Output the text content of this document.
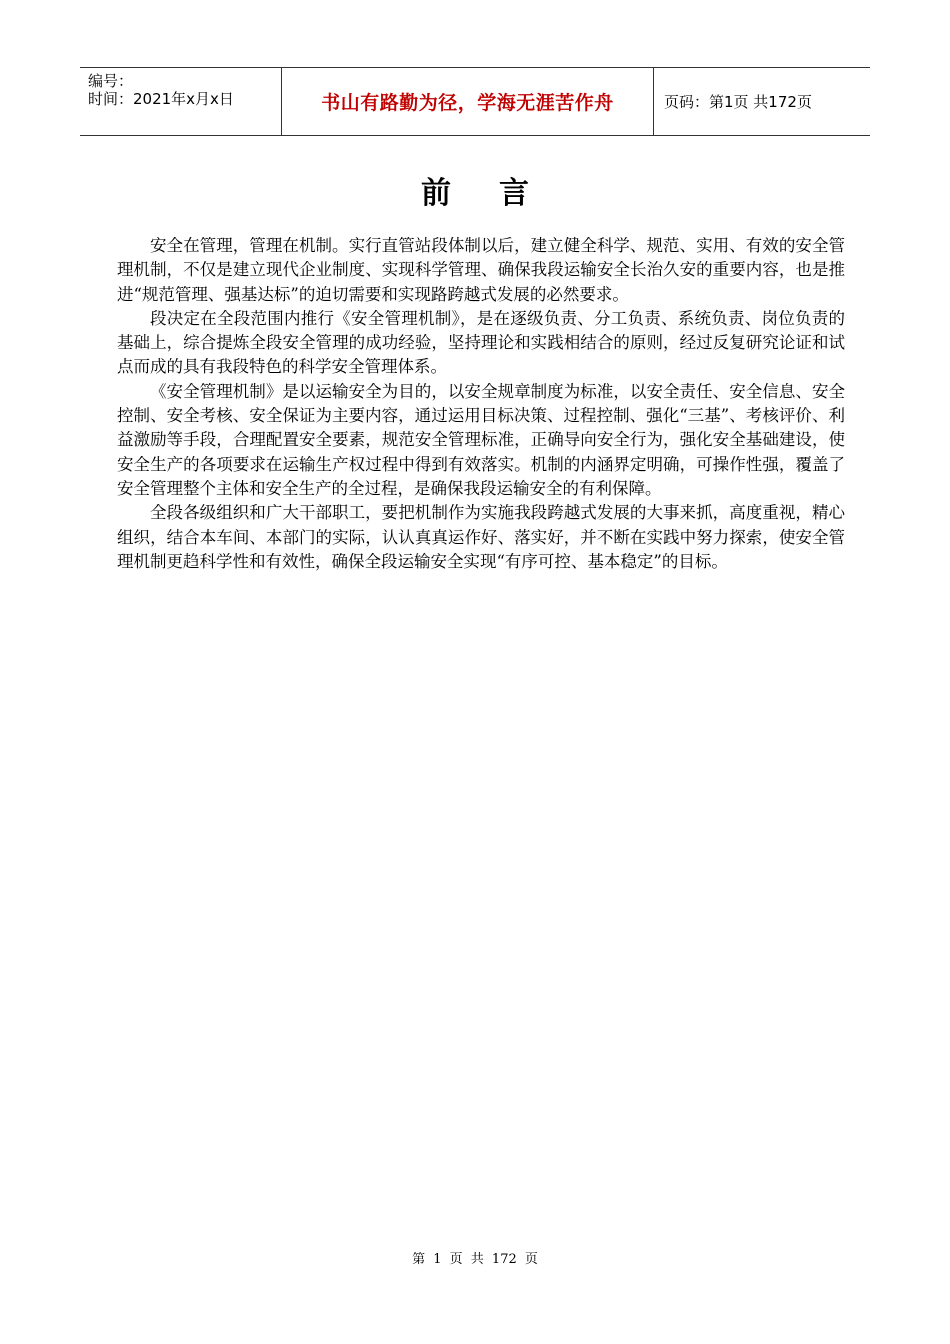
编号：
时间：2021年x月x日	书山有路勤为径，学海无涯苦作舟	页码：第1页 共172页
前言

安全在管理，管理在机制。实行直管站段体制以后，建立健全科学、规范、实用、有效的安全管理机制，不仅是建立现代企业制度、实现科学管理、确保我段运输安全长治久安的重要内容，也是推进“规范管理、强基达标”的迫切需要和实现路跨越式发展的必然要求。

段决定在全段范围内推行《安全管理机制》，是在逐级负责、分工负责、系统负责、岗位负责的基础上，综合提炼全段安全管理的成功经验，坚持理论和实践相结合的原则，经过反复研究论证和试点而成的具有我段特色的科学安全管理体系。

《安全管理机制》是以运输安全为目的，以安全规章制度为标准，以安全责任、安全信息、安全控制、安全考核、安全保证为主要内容，通过运用目标决策、过程控制、强化“三基”、考核评价、利益激励等手段，合理配置安全要素，规范安全管理标准，正确导向安全行为，强化安全基础建设，使安全生产的各项要求在运输生产权过程中得到有效落实。机制的内涵界定明确，可操作性强，覆盖了安全管理整个主体和安全生产的全过程，是确保我段运输安全的有利保障。

全段各级组织和广大干部职工，要把机制作为实施我段跨越式发展的大事来抓，高度重视，精心组织，结合本车间、本部门的实际，认认真真运作好、落实好，并不断在实践中努力探索，使安全管理机制更趋科学性和有效性，确保全段运输安全实现“有序可控、基本稳定”的目标。

第 1 页 共 172 页
